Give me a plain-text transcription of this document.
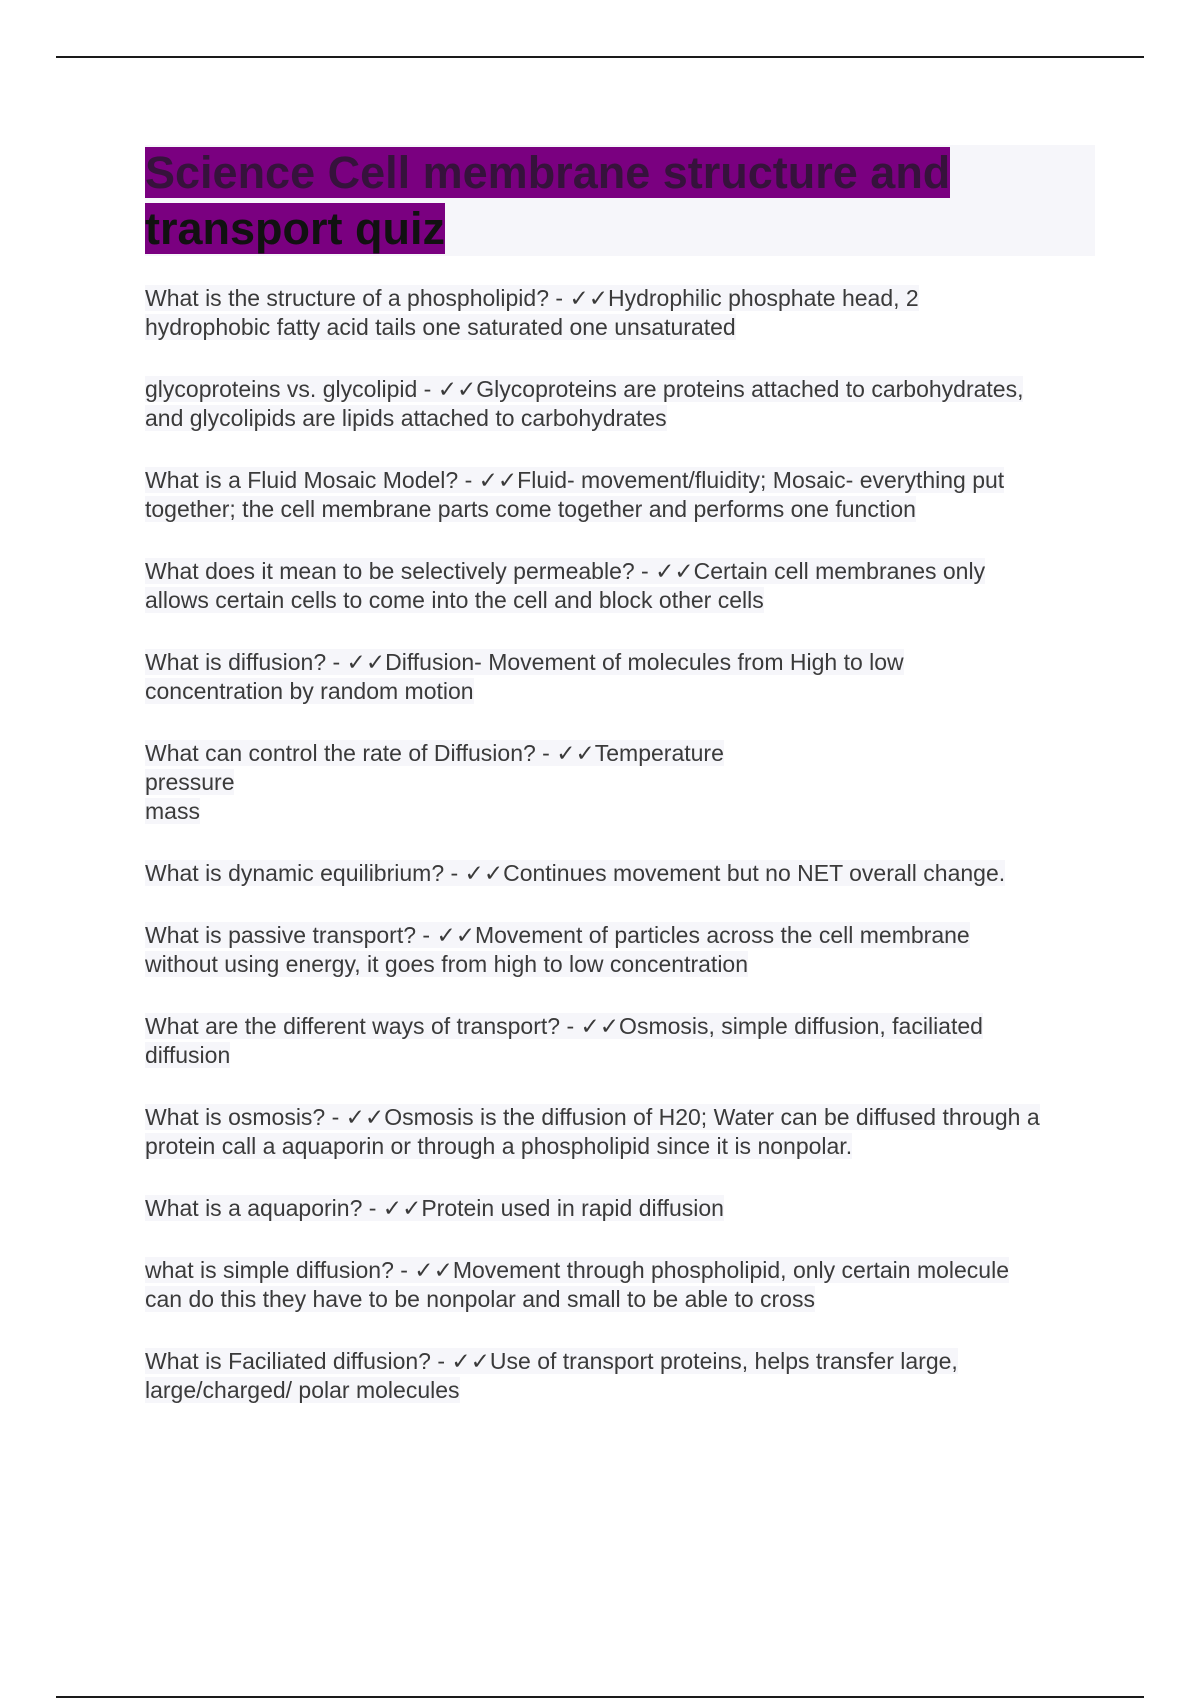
Science Cell membrane structure and
transport quiz

What is the structure of a phospholipid? - ✓✓Hydrophilic phosphate head, 2
hydrophobic fatty acid tails one saturated one unsaturated

glycoproteins vs. glycolipid - ✓✓Glycoproteins are proteins attached to carbohydrates,
and glycolipids are lipids attached to carbohydrates

What is a Fluid Mosaic Model? - ✓✓Fluid- movement/fluidity; Mosaic- everything put
together; the cell membrane parts come together and performs one function

What does it mean to be selectively permeable? - ✓✓Certain cell membranes only
allows certain cells to come into the cell and block other cells

What is diffusion? - ✓✓Diffusion- Movement of molecules from High to low
concentration by random motion

What can control the rate of Diffusion? - ✓✓Temperature
pressure
mass

What is dynamic equilibrium? - ✓✓Continues movement but no NET overall change.

What is passive transport? - ✓✓Movement of particles across the cell membrane
without using energy, it goes from high to low concentration

What are the different ways of transport? - ✓✓Osmosis, simple diffusion, faciliated
diffusion

What is osmosis? - ✓✓Osmosis is the diffusion of H20; Water can be diffused through a
protein call a aquaporin or through a phospholipid since it is nonpolar.

What is a aquaporin? - ✓✓Protein used in rapid diffusion

what is simple diffusion? - ✓✓Movement through phospholipid, only certain molecule
can do this they have to be nonpolar and small to be able to cross

What is Faciliated diffusion? - ✓✓Use of transport proteins, helps transfer large,
large/charged/ polar molecules
